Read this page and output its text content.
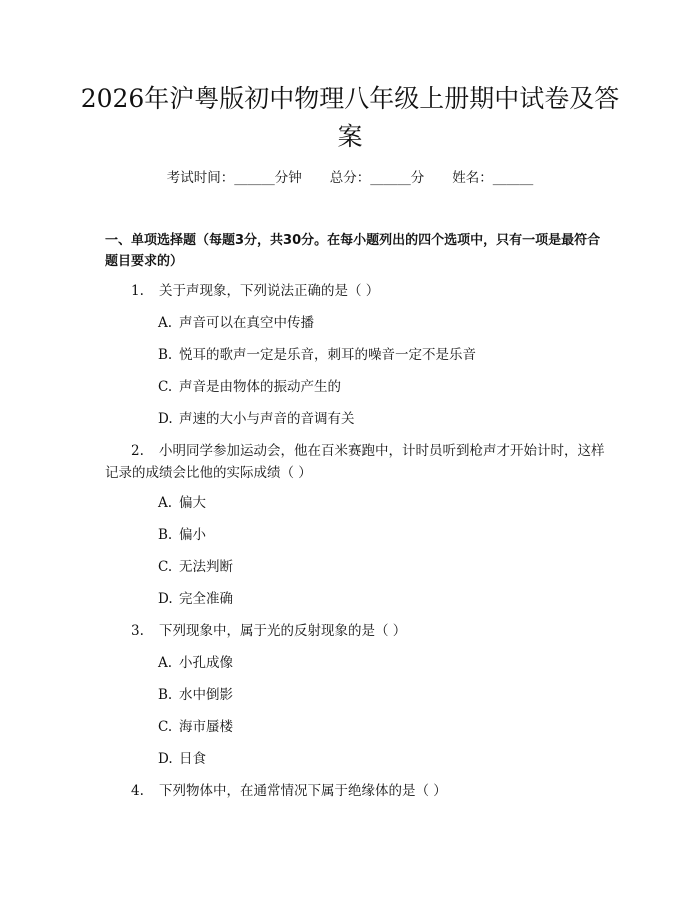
2026年沪粤版初中物理八年级上册期中试卷及答案
考试时间：______分钟 总分：______分 姓名：______
一、单项选择题（每题3分，共30分。在每小题列出的四个选项中，只有一项是最符合题目要求的）
1. 关于声现象，下列说法正确的是（ ）
A. 声音可以在真空中传播
B. 悦耳的歌声一定是乐音，刺耳的噪音一定不是乐音
C. 声音是由物体的振动产生的
D. 声速的大小与声音的音调有关
2. 小明同学参加运动会，他在百米赛跑中，计时员听到枪声才开始计时，这样记录的成绩会比他的实际成绩（ ）
A. 偏大
B. 偏小
C. 无法判断
D. 完全准确
3. 下列现象中，属于光的反射现象的是（ ）
A. 小孔成像
B. 水中倒影
C. 海市蜃楼
D. 日食
4. 下列物体中，在通常情况下属于绝缘体的是（ ）
